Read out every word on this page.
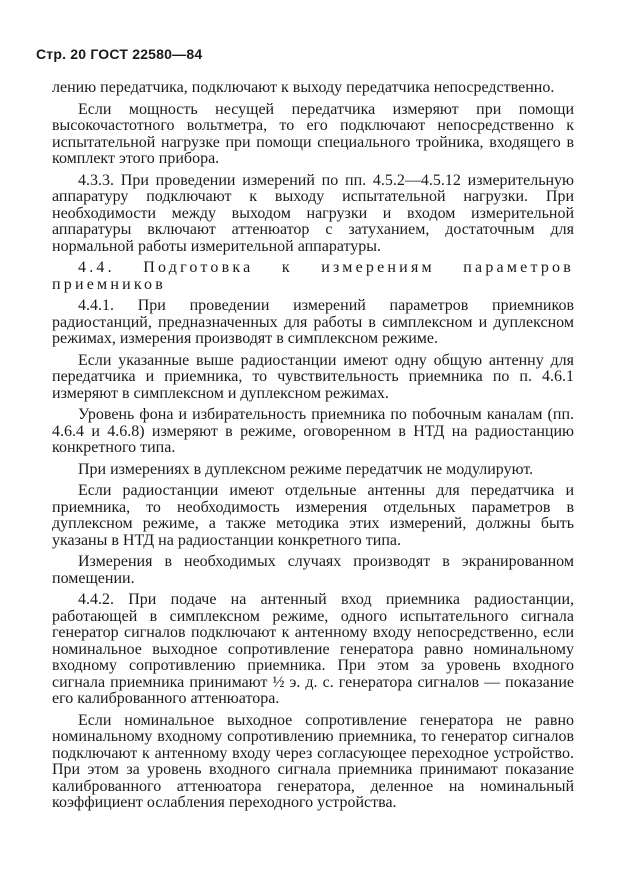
Стр. 20 ГОСТ 22580—84

лению передатчика, подключают к выходу передатчика непосредственно.

Если мощность несущей передатчика измеряют при помощи высокочастотного вольтметра, то его подключают непосредственно к испытательной нагрузке при помощи специального тройника, входящего в комплект этого прибора.

4.3.3. При проведении измерений по пп. 4.5.2—4.5.12 измерительную аппаратуру подключают к выходу испытательной нагрузки. При необходимости между выходом нагрузки и входом измерительной аппаратуры включают аттенюатор с затуханием, достаточным для нормальной работы измерительной аппаратуры.

4.4. Подготовка к измерениям параметров приемников

4.4.1. При проведении измерений параметров приемников радиостанций, предназначенных для работы в симплексном и дуплексном режимах, измерения производят в симплексном режиме.

Если указанные выше радиостанции имеют одну общую антенну для передатчика и приемника, то чувствительность приемника по п. 4.6.1 измеряют в симплексном и дуплексном режимах.

Уровень фона и избирательность приемника по побочным каналам (пп. 4.6.4 и 4.6.8) измеряют в режиме, оговоренном в НТД на радиостанцию конкретного типа.

При измерениях в дуплексном режиме передатчик не модулируют.

Если радиостанции имеют отдельные антенны для передатчика и приемника, то необходимость измерения отдельных параметров в дуплексном режиме, а также методика этих измерений, должны быть указаны в НТД на радиостанции конкретного типа.

Измерения в необходимых случаях производят в экранированном помещении.

4.4.2. При подаче на антенный вход приемника радиостанции, работающей в симплексном режиме, одного испытательного сигнала генератор сигналов подключают к антенному входу непосредственно, если номинальное выходное сопротивление генератора равно номинальному входному сопротивлению приемника. При этом за уровень входного сигнала приемника принимают ½ э. д. с. генератора сигналов — показание его калиброванного аттенюатора.

Если номинальное выходное сопротивление генератора не равно номинальному входному сопротивлению приемника, то генератор сигналов подключают к антенному входу через согласующее переходное устройство. При этом за уровень входного сигнала приемника принимают показание калиброванного аттенюатора генератора, деленное на номинальный коэффициент ослабления переходного устройства.
